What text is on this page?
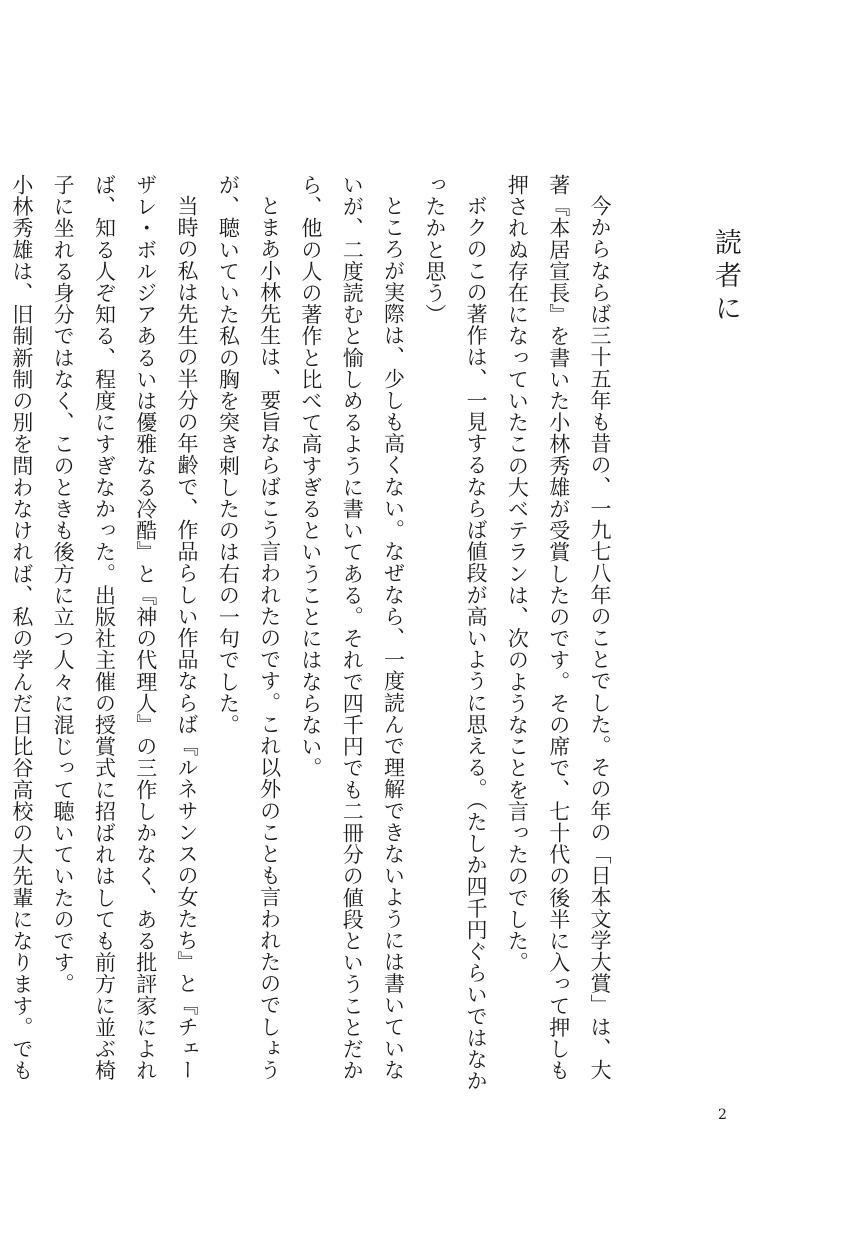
読者に

今からならば三十五年も昔の、一九七八年のことでした。その年の「日本文学大賞」は、大著『本居宣長』を書いた小林秀雄が受賞したのです。その席で、七十代の後半に入って押しも押されぬ存在になっていたこの大ベテランは、次のようなことを言ったのでした。

ボクのこの著作は、一見するならば値段が高いように思える。（たしか四千円ぐらいではなかったかと思う）

ところが実際は、少しも高くない。なぜなら、一度読んで理解できないようには書いていないが、二度読むと愉しめるように書いてある。それで四千円でも二冊分の値段ということだから、他の人の著作と比べて高すぎるということにはならない。

とまあ小林先生は、要旨ならばこう言われたのです。これ以外のことも言われたのでしょうが、聴いていた私の胸を突き刺したのは右の一句でした。

当時の私は先生の半分の年齢で、作品らしい作品ならば『ルネサンスの女たち』と『チェーザレ・ボルジアあるいは優雅なる冷酷』と『神の代理人』の三作しかなく、ある批評家によれば、知る人ぞ知る、程度にすぎなかった。出版社主催の授賞式に招ばれはしても前方に並ぶ椅子に坐れる身分ではなく、このときも後方に立つ人々に混じって聴いていたのです。

小林秀雄は、旧制新制の別を問わなければ、私の学んだ日比谷高校の大先輩になります。でも

2
